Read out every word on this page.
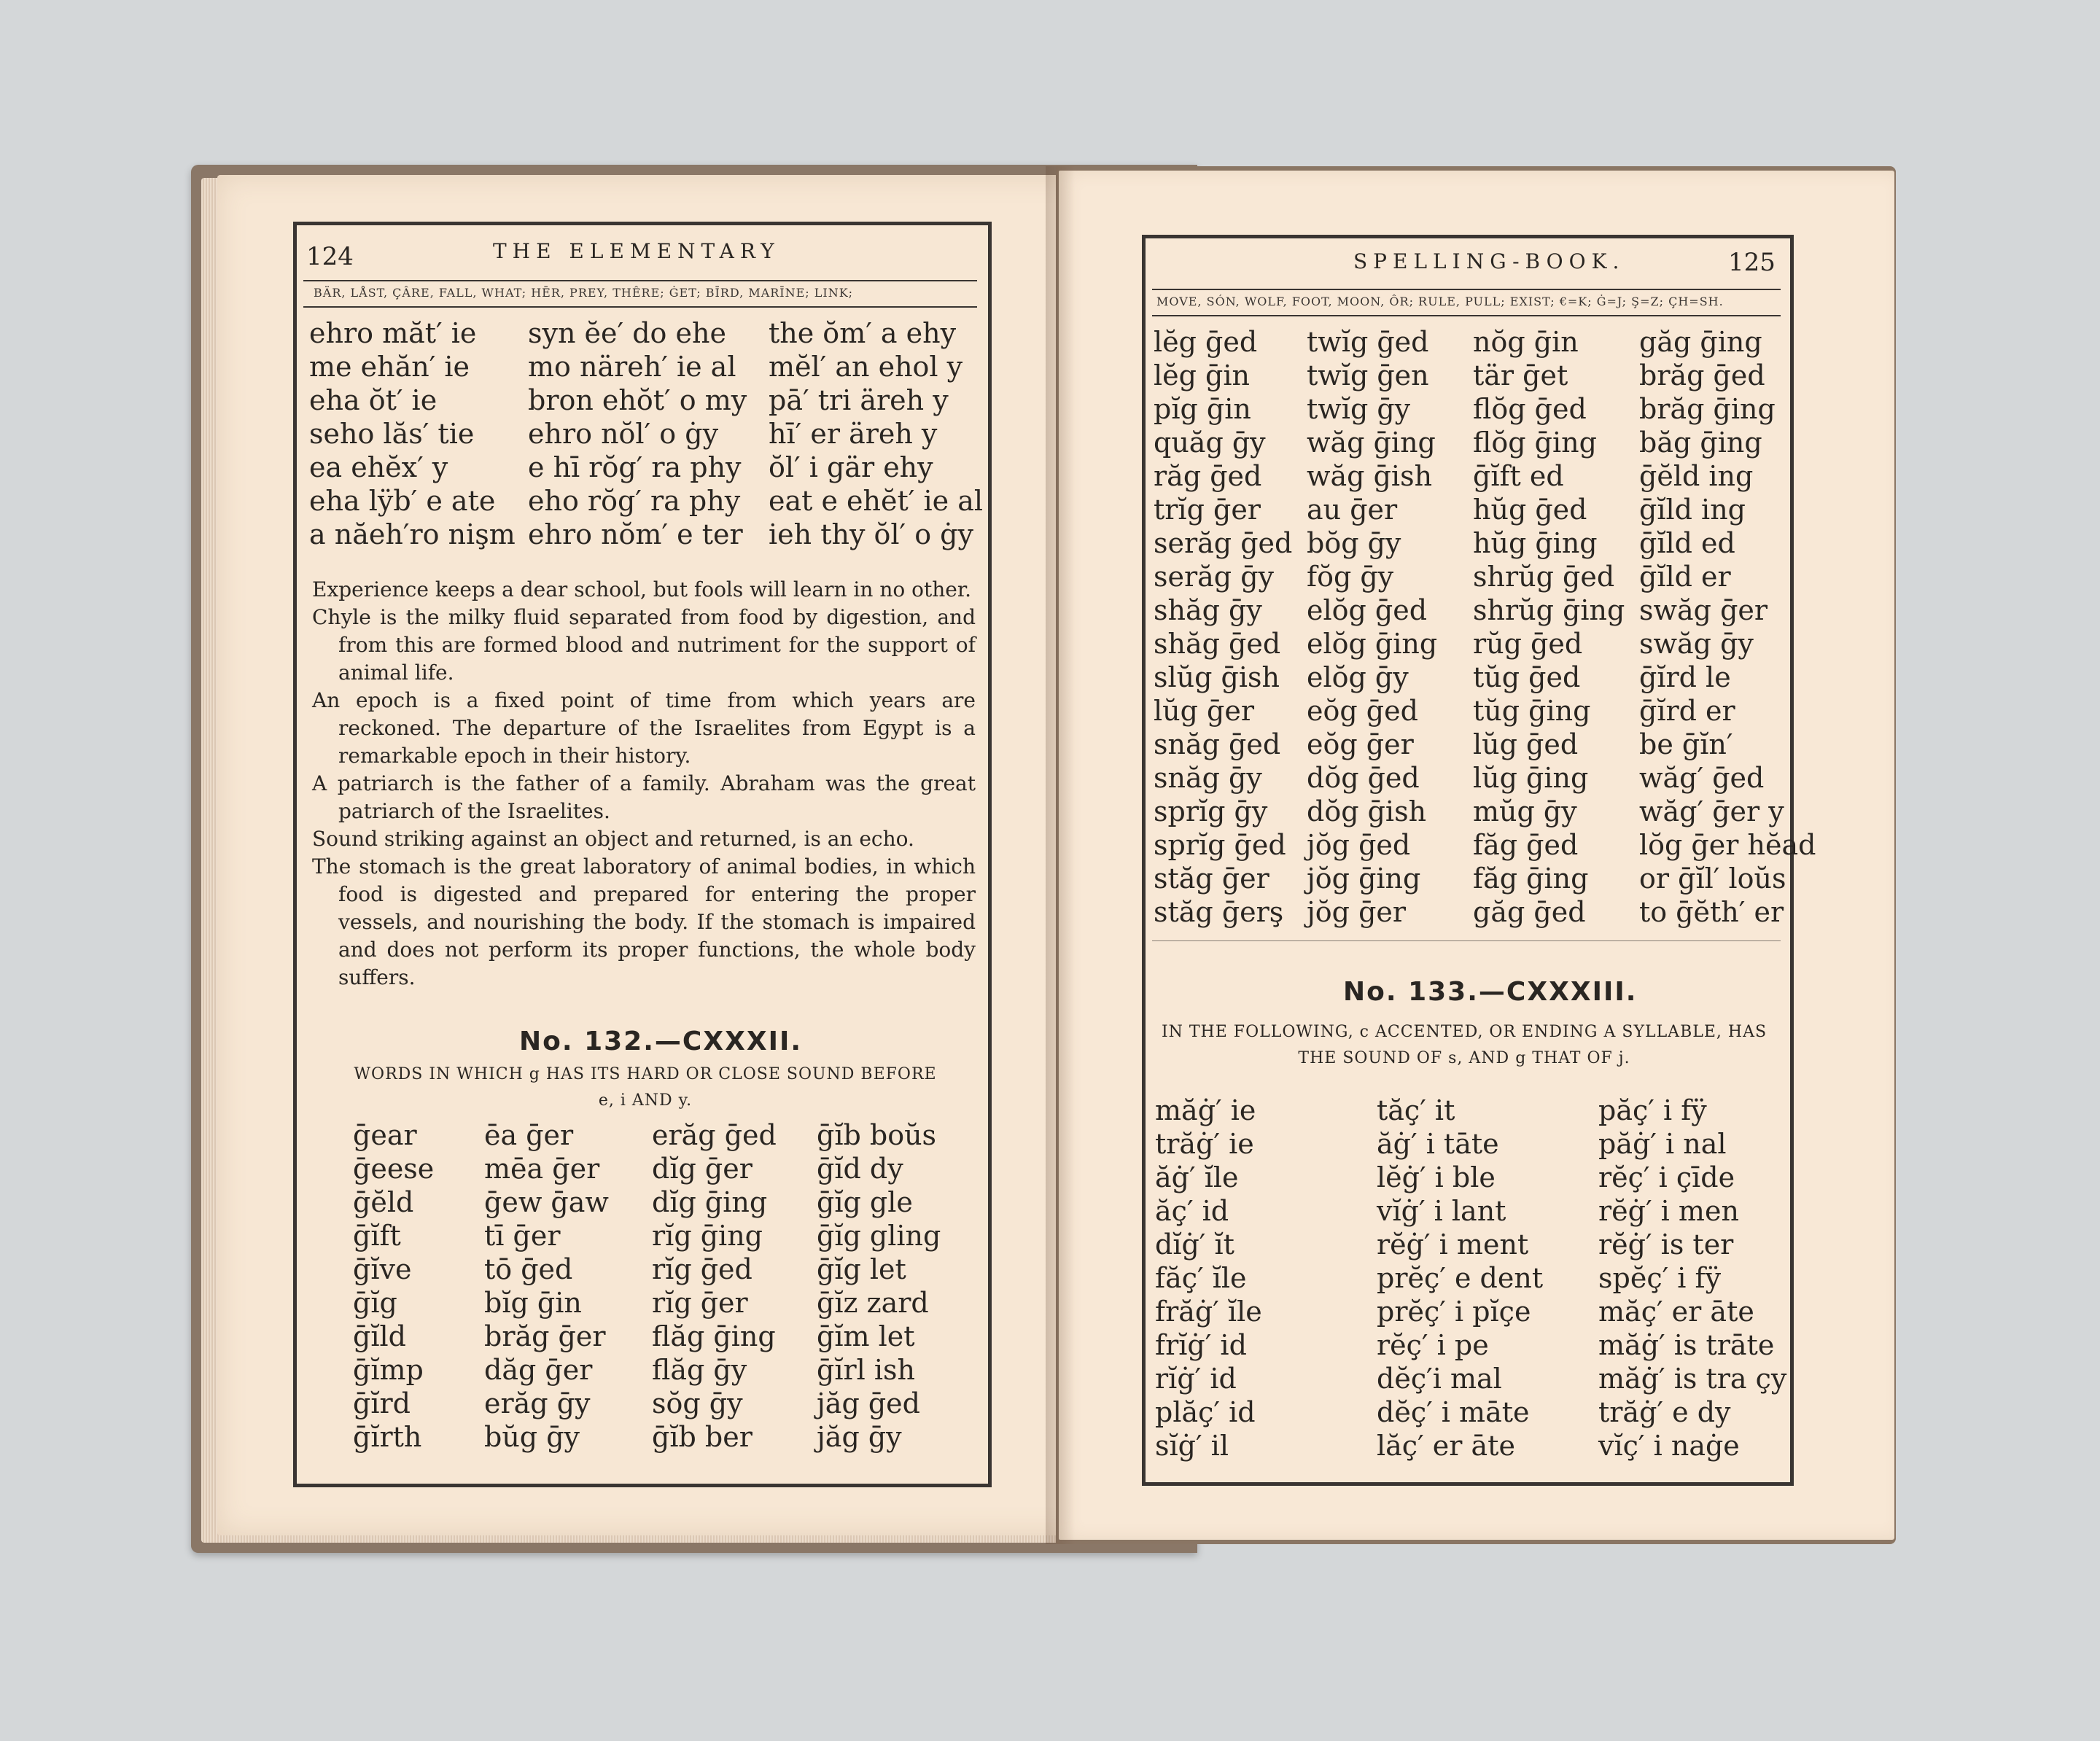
124	THE ELEMENTARY
BÄR, LÅST, ÇÂRE, FALL, WHAT; HĒR, PREY, THÊRE; ĠET; BĪRD, MARĪNE; LINK;
ehro măt′ ie
me ehăn′ ie
eha ŏt′ ie
seho lăs′ tie
ea ehĕx′ y
eha lÿb′ e ate
a năeh′ro nişm
syn ĕe′ do ehe
mo näreh′ ie al
bron ehŏt′ o my
ehro nŏl′ o ġy
e hī rŏg′ ra phy
eho rŏg′ ra phy
ehro nŏm′ e ter
the ŏm′ a ehy
mĕl′ an ehol y
pā′ tri äreh y
hī′ er äreh y
ŏl′ i gär ehy
eat e ehĕt′ ie al
ieh thy ŏl′ o ġy

Experience keeps a dear school, but fools will learn in no other.

Chyle is the milky fluid separated from food by digestion, and from this are formed blood and nutriment for the support of animal life.

An epoch is a fixed point of time from which years are reckoned. The departure of the Israelites from Egypt is a remarkable epoch in their history.

A patriarch is the father of a family. Abraham was the great patriarch of the Israelites.

Sound striking against an object and returned, is an echo.

The stomach is the great laboratory of animal bodies, in which food is digested and prepared for entering the proper vessels, and nourishing the body. If the stomach is impaired and does not perform its proper functions, the whole body suffers.

No. 132.—CXXXII.
WORDS IN WHICH g HAS ITS HARD OR CLOSE SOUND BEFORE
e, i AND y.
ḡear
ḡeese
ḡĕld
ḡĭft
ḡĭve
ḡĭg
ḡĭld
ḡĭmp
ḡĭrd
ḡĭrth
ēa ḡer
mēa ḡer
ḡew ḡaw
tī ḡer
tō ḡed
bĭg ḡin
brăg ḡer
dăg ḡer
erăg ḡy
bŭg ḡy
erăg ḡed
dĭg ḡer
dĭg ḡing
rĭg ḡing
rĭg ḡed
rĭg ḡer
flăg ḡing
flăg ḡy
sŏg ḡy
ḡĭb ber
ḡĭb boŭs
ḡĭd dy
ḡĭg gle
ḡĭg gling
ḡĭg let
ḡĭz zard
ḡĭm let
ḡĭrl ish
jăg ḡed
jăg ḡy
SPELLING-BOOK.	125
MOVE, SÓN, WOLF, FOOT, MOON, ÔR; RULE, PULL; EXIST; €=K; Ġ=J; Ş=Z; ÇH=SH.
lĕg ḡed
lĕg ḡin
pĭg ḡin
quăg ḡy
răg ḡed
trĭg ḡer
serăg ḡed
serăg ḡy
shăg ḡy
shăg ḡed
slŭg ḡish
lŭg ḡer
snăg ḡed
snăg ḡy
sprĭg ḡy
sprĭg ḡed
stăg ḡer
stăg ḡerş
twĭg ḡed
twĭg ḡen
twĭg ḡy
wăg ḡing
wăg ḡish
au ḡer
bŏg ḡy
fŏg ḡy
elŏg ḡed
elŏg ḡing
elŏg ḡy
eŏg ḡed
eŏg ḡer
dŏg ḡed
dŏg ḡish
jŏg ḡed
jŏg ḡing
jŏg ḡer
nŏg ḡin
tär ḡet
flŏg ḡed
flŏg ḡing
ḡĭft ed
hŭg ḡed
hŭg ḡing
shrŭg ḡed
shrŭg ḡing
rŭg ḡed
tŭg ḡed
tŭg ḡing
lŭg ḡed
lŭg ḡing
mŭg ḡy
făg ḡed
făg ḡing
găg ḡed
găg ḡing
brăg ḡed
brăg ḡing
băg ḡing
ḡĕld ing
ḡĭld ing
ḡĭld ed
ḡĭld er
swăg ḡer
swăg ḡy
ḡĭrd le
ḡĭrd er
be ḡĭn′
wăg′ ḡed
wăg′ ḡer y
lŏg ḡer hĕad
or ḡĭl′ loŭs
to ḡĕth′ er
No. 133.—CXXXIII.
IN THE FOLLOWING, c ACCENTED, OR ENDING A SYLLABLE, HAS
THE SOUND OF s, AND g THAT OF j.
măġ′ ie
trăġ′ ie
ăġ′ ĭle
ăç′ id
dĭġ′ ĭt
făç′ ĭle
frăġ′ ĭle
frĭġ′ id
rĭġ′ id
plăç′ id
sĭġ′ il
tăç′ it
ăġ′ i tāte
lĕġ′ i ble
vĭġ′ i lant
rĕġ′ i ment
prĕç′ e dent
prĕç′ i pĭçe
rĕç′ i pe
dĕç′i mal
dĕç′ i māte
lăç′ er āte
păç′ i fÿ
păġ′ i nal
rĕç′ i çīde
rĕġ′ i men
rĕġ′ is ter
spĕç′ i fÿ
măç′ er āte
măġ′ is trāte
măġ′ is tra çy
trăġ′ e dy
vĭç′ i naġe
